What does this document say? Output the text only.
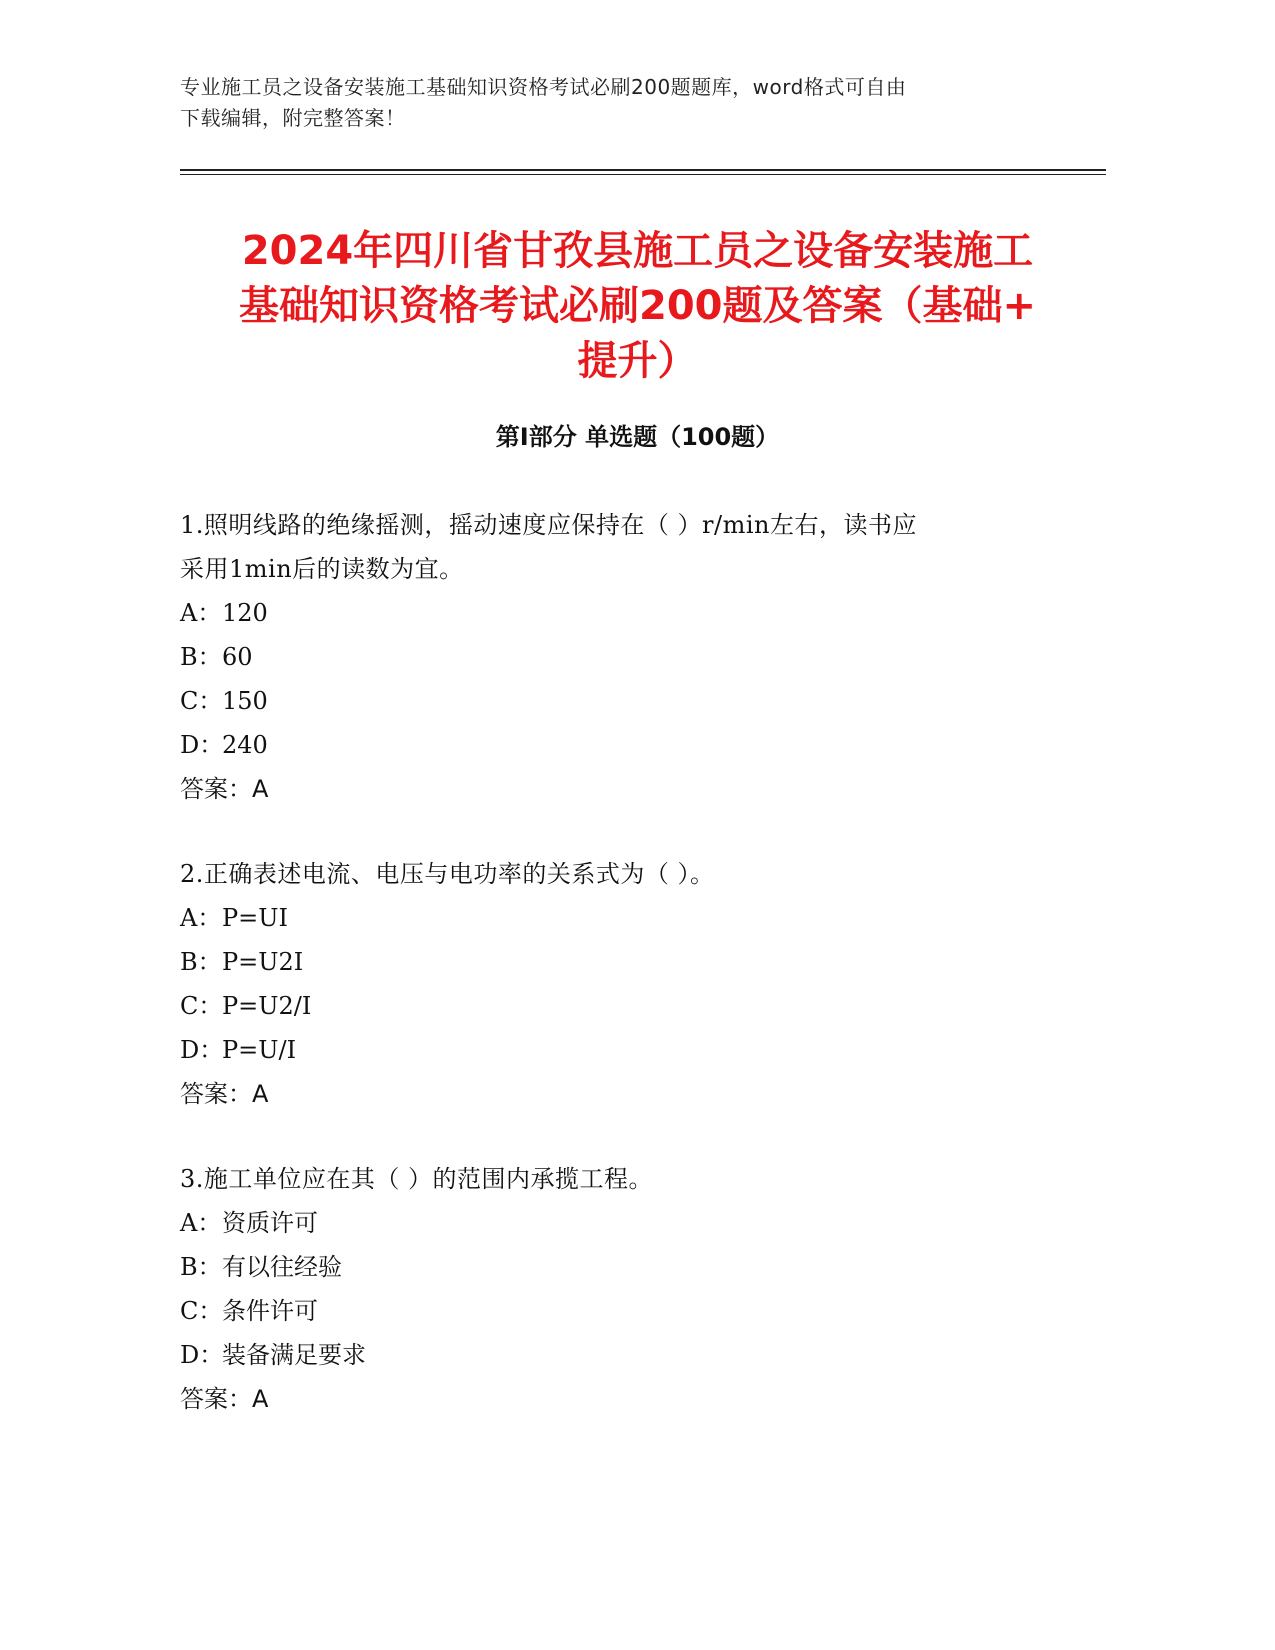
专业施工员之设备安装施工基础知识资格考试必刷200题题库，word格式可自由
下载编辑，附完整答案！
2024年四川省甘孜县施工员之设备安装施工
基础知识资格考试必刷200题及答案（基础+
提升）
第Ⅰ部分 单选题（100题）
1.照明线路的绝缘摇测，摇动速度应保持在（ ）r/min左右，读书应
采用1min后的读数为宜。
A： 120
B： 60
C： 150
D：
240
答案：A
2.正确表述电流、电压与电功率的关系式为（ ）。
A： P=UI
B： P=U2I
C： P=U2/I
D：
P=U/I
答案：A
3.施工单位应在其（ ）的范围内承揽工程。
A： 资质许可
B： 有以往经验
C： 条件许可
D：
装备满足要求
答案：A
